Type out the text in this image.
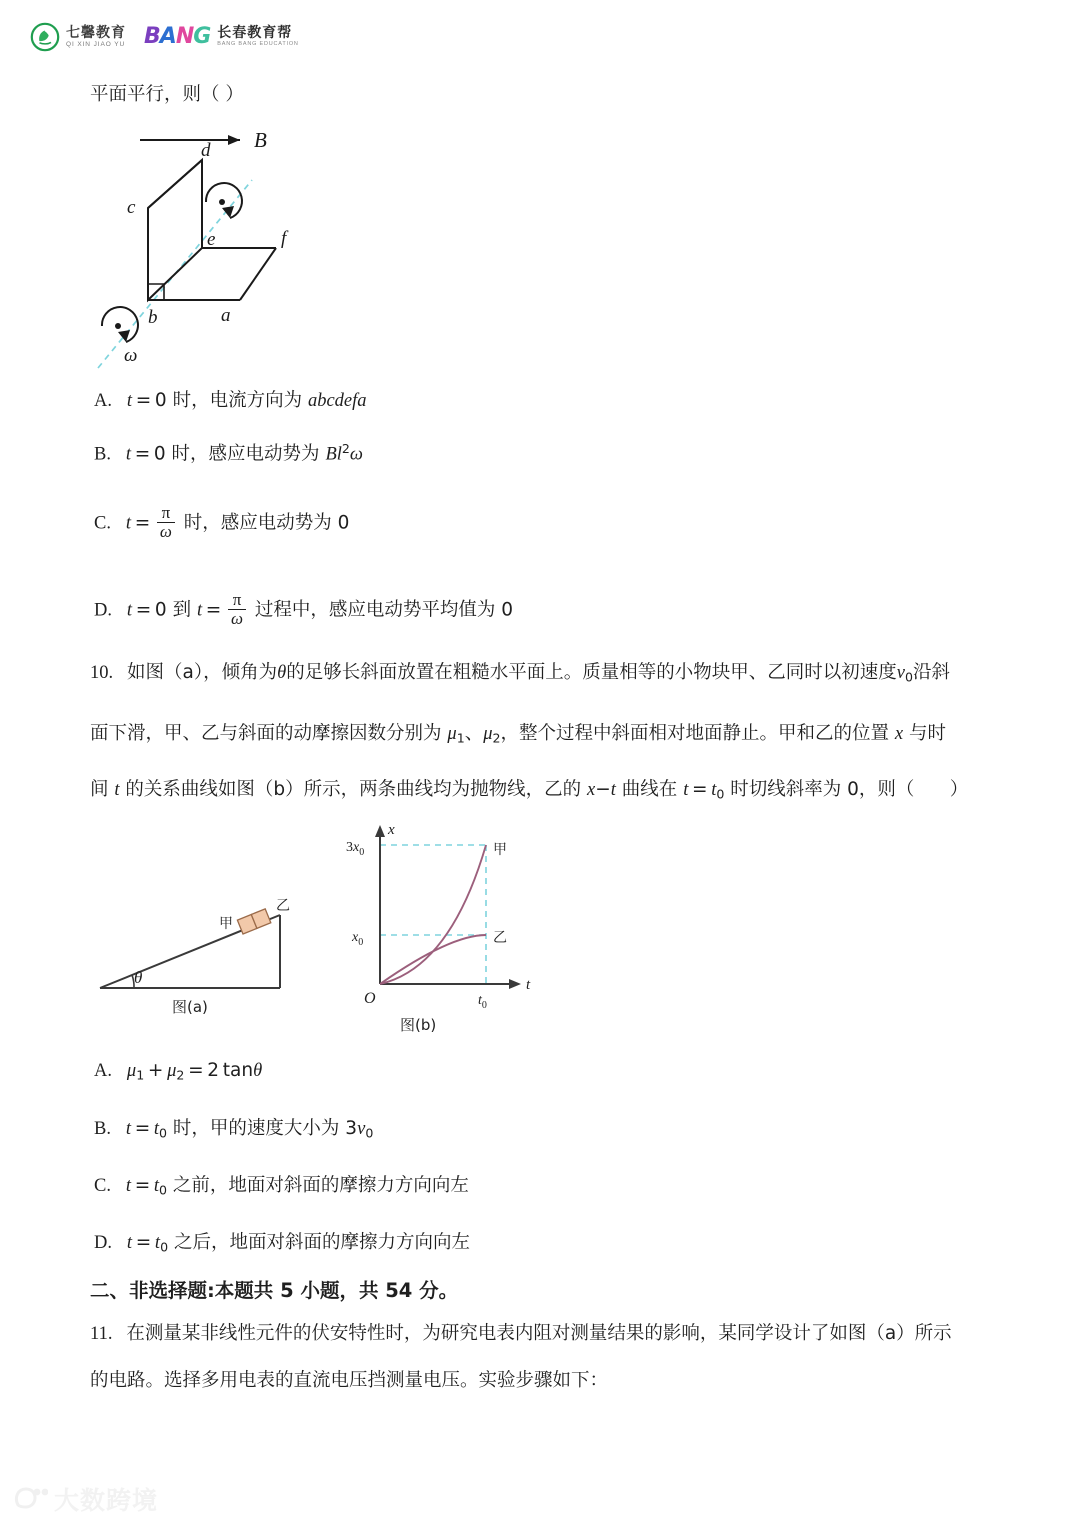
七馨教育
QI XIN JIAO YU BANG 长春教育帮
BANG BANG EDUCATION
平面平行，则（ ）
B
c
d
e	f
b	a
ω
A. t = 0 时，电流方向为 abcdefa
B. t = 0 时，感应电动势为 Bl$^2$ω
C. $t = \frac{\pi}{\omega}$ 时，感应电动势为 0
D. t = 0 到 $t = \frac{\pi}{\omega}$ 过程中，感应电动势平均值为 0
10. 如图（a），倾角为θ的足够长斜面放置在粗糙水平面上。质量相等的小物块甲、乙同时以初速度$v_0$沿斜
面下滑，甲、乙与斜面的动摩擦因数分别为 $\mu_1$、$\mu_2$，整个过程中斜面相对地面静止。甲和乙的位置 x 与时
间 t 的关系曲线如图（b）所示，两条曲线均为抛物线，乙的 x−t 曲线在 $t = t_0$ 时切线斜率为 0，则（      ）
θ
甲
乙
图(a)
x
t
O
$3x_0$
$x_0$
$t_0$
甲
乙
图(b)
A. $\mu_1 + \mu_2 = 2$ tanθ
B. $t = t_0$ 时，甲的速度大小为 $3v_0$
C. $t = t_0$ 之前，地面对斜面的摩擦力方向向左
D. $t = t_0$ 之后，地面对斜面的摩擦力方向向左
二、非选择题:本题共 5 小题，共 54 分。
11. 在测量某非线性元件的伏安特性时，为研究电表内阻对测量结果的影响，某同学设计了如图（a）所示
的电路。选择多用电表的直流电压挡测量电压。实验步骤如下：
大数跨境
